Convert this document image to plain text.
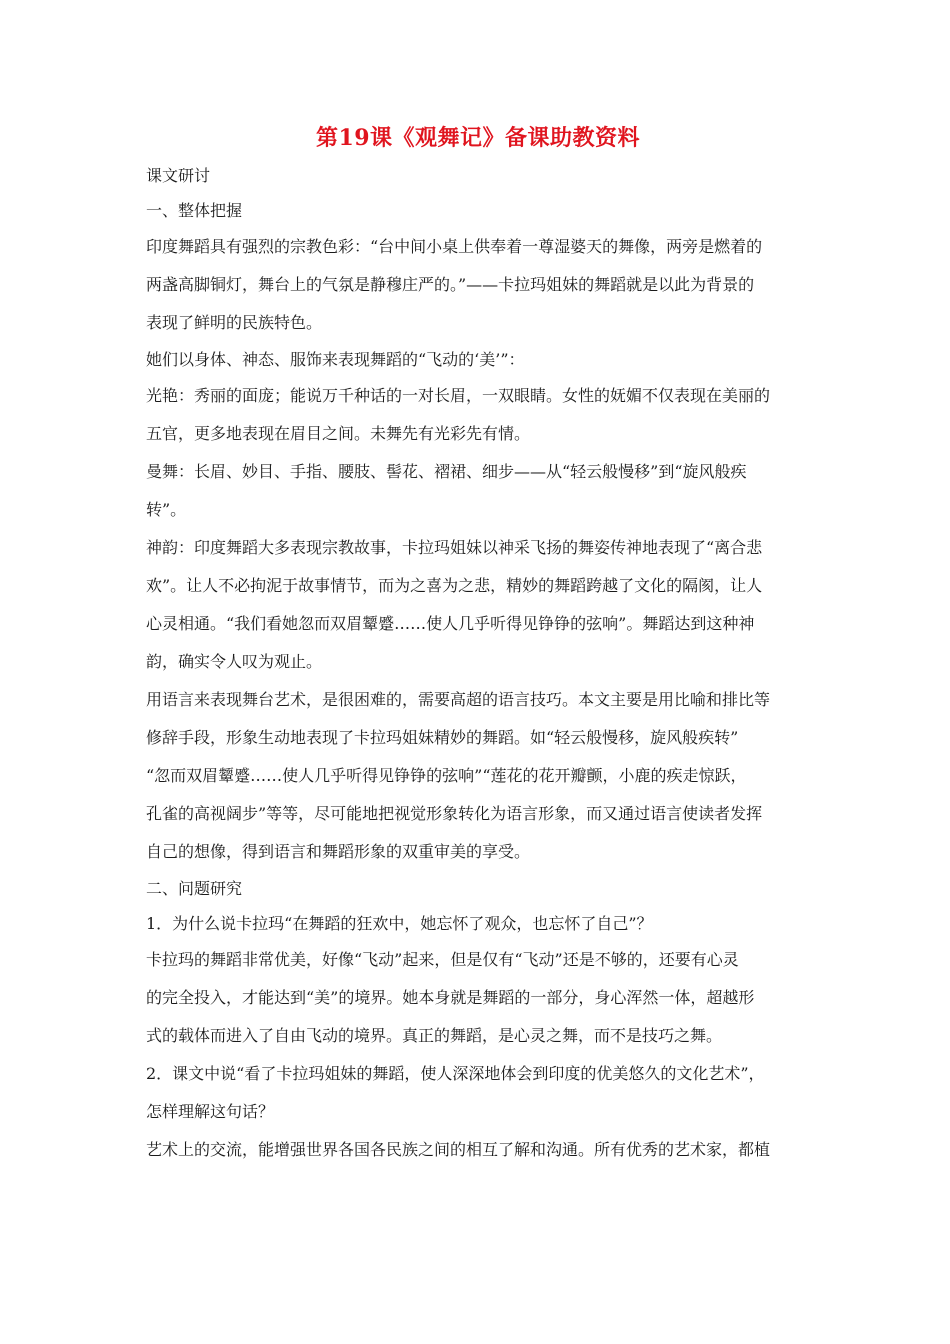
第19课《观舞记》备课助教资料

课文研讨

一、整体把握

印度舞蹈具有强烈的宗教色彩：“台中间小桌上供奉着一尊湿婆天的舞像，两旁是燃着的
两盏高脚铜灯，舞台上的气氛是静穆庄严的。”——卡拉玛姐妹的舞蹈就是以此为背景的
表现了鲜明的民族特色。

她们以身体、神态、服饰来表现舞蹈的“飞动的‘美’”：

光艳：秀丽的面庞；能说万千种话的一对长眉，一双眼睛。女性的妩媚不仅表现在美丽的
五官，更多地表现在眉目之间。未舞先有光彩先有情。
曼舞：长眉、妙目、手指、腰肢、髻花、褶裙、细步——从“轻云般慢移”到“旋风般疾
转”。
神韵：印度舞蹈大多表现宗教故事，卡拉玛姐妹以神采飞扬的舞姿传神地表现了“离合悲
欢”。让人不必拘泥于故事情节，而为之喜为之悲，精妙的舞蹈跨越了文化的隔阂，让人
心灵相通。“我们看她忽而双眉颦蹙……使人几乎听得见铮铮的弦响”。舞蹈达到这种神
韵，确实令人叹为观止。
用语言来表现舞台艺术，是很困难的，需要高超的语言技巧。本文主要是用比喻和排比等
修辞手段，形象生动地表现了卡拉玛姐妹精妙的舞蹈。如“轻云般慢移，旋风般疾转”
“忽而双眉颦蹙……使人几乎听得见铮铮的弦响”“莲花的花开瓣颤，小鹿的疾走惊跃，
孔雀的高视阔步”等等，尽可能地把视觉形象转化为语言形象，而又通过语言使读者发挥
自己的想像，得到语言和舞蹈形象的双重审美的享受。

二、问题研究

1．为什么说卡拉玛“在舞蹈的狂欢中，她忘怀了观众，也忘怀了自己”？

卡拉玛的舞蹈非常优美，好像“飞动”起来，但是仅有“飞动”还是不够的，还要有心灵
的完全投入，才能达到“美”的境界。她本身就是舞蹈的一部分，身心浑然一体，超越形
式的载体而进入了自由飞动的境界。真正的舞蹈，是心灵之舞，而不是技巧之舞。
2．课文中说“看了卡拉玛姐妹的舞蹈，使人深深地体会到印度的优美悠久的文化艺术”，
怎样理解这句话？
艺术上的交流，能增强世界各国各民族之间的相互了解和沟通。所有优秀的艺术家，都植
